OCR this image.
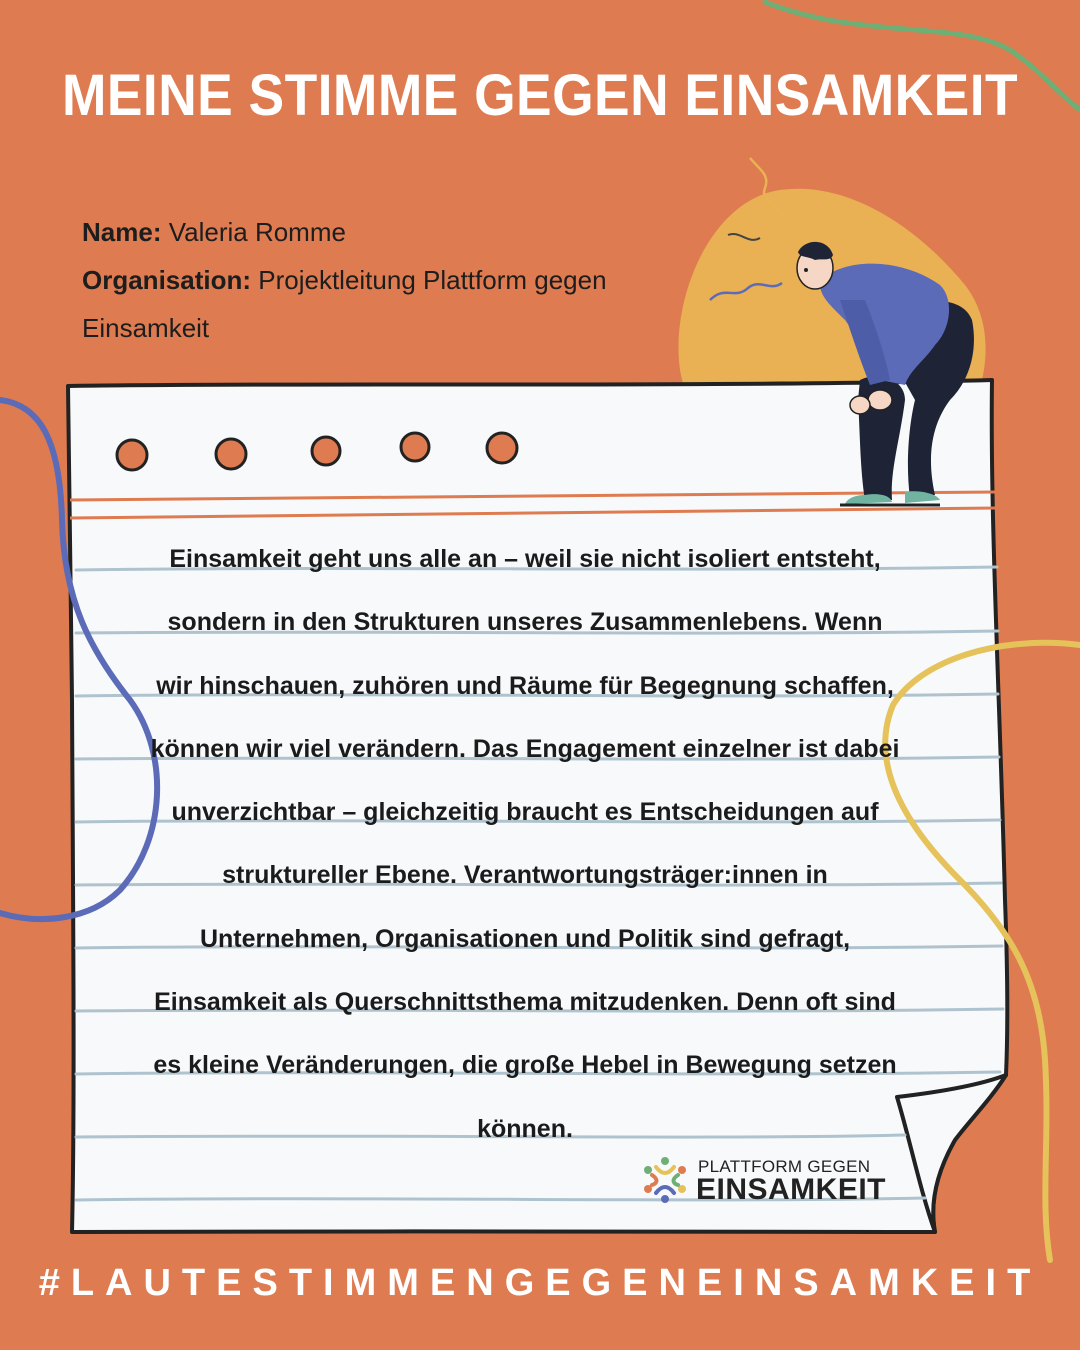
MEINE STIMME GEGEN EINSAMKEIT

Name: Valeria Romme

Organisation: Projektleitung Plattform gegen Einsamkeit

Einsamkeit geht uns alle an – weil sie nicht isoliert entsteht, sondern in den Strukturen unseres Zusammenlebens. Wenn wir hinschauen, zuhören und Räume für Begegnung schaffen, können wir viel verändern. Das Engagement einzelner ist dabei unverzichtbar – gleichzeitig braucht es Entscheidungen auf struktureller Ebene. Verantwortungsträger:innen in Unternehmen, Organisationen und Politik sind gefragt, Einsamkeit als Querschnittsthema mitzudenken. Denn oft sind es kleine Veränderungen, die große Hebel in Bewegung setzen können.
PLATTFORM GEGEN
EINSAMKEIT
#LAUTESTIMMENGEGENEINSAMKEIT
